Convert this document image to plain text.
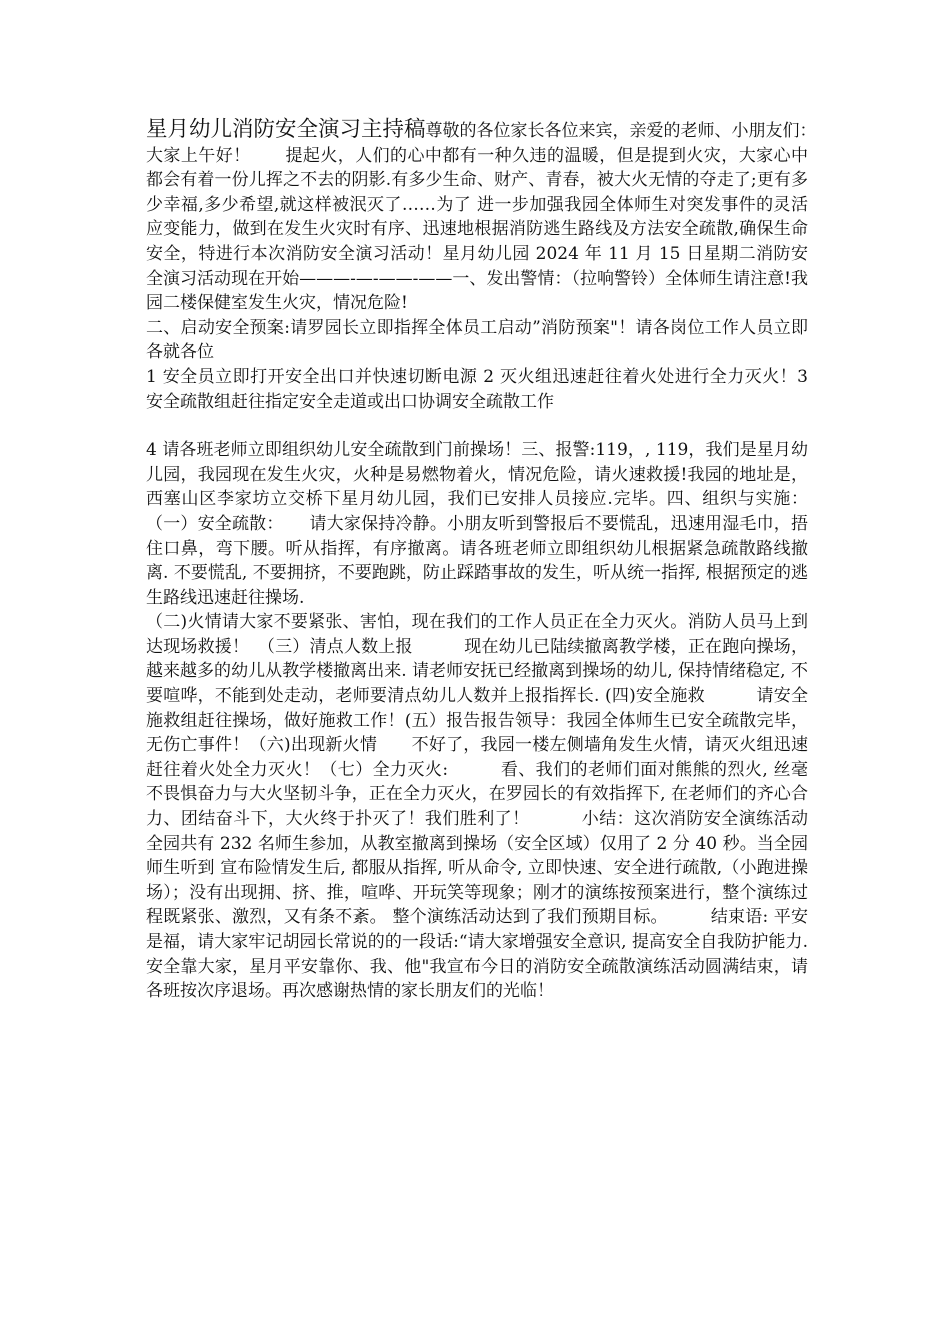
星月幼儿消防安全演习主持稿尊敬的各位家长各位来宾，亲爱的老师、小朋友们：　　　大家上午好！　　提起火，人们的心中都有一种久违的温暖，但是提到火灾，大家心中都会有着一份儿挥之不去的阴影.有多少生命、财产、青春，被大火无情的夺走了;更有多少幸福,多少希望,就这样被泯灭了……为了 进一步加强我园全体师生对突发事件的灵活应变能力，做到在发生火灾时有序、迅速地根据消防逃生路线及方法安全疏散,确保生命安全，特进行本次消防安全演习活动！星月幼儿园 2024 年 11 月 15 日星期二消防安全演习活动现在开始———-—-——-——一、发出警情：（拉响警铃）全体师生请注意!我园二楼保健室发生火灾，情况危险!

二、启动安全预案:请罗园长立即指挥全体员工启动”消防预案"！请各岗位工作人员立即各就各位

1 安全员立即打开安全出口并快速切断电源 2 灭火组迅速赶往着火处进行全力灭火！3 安全疏散组赶往指定安全走道或出口协调安全疏散工作

4 请各班老师立即组织幼儿安全疏散到门前操场！三、报警:119，, 119，我们是星月幼儿园，我园现在发生火灾，火种是易燃物着火，情况危险，请火速救援!我园的地址是，西塞山区李家坊立交桥下星月幼儿园，我们已安排人员接应.完毕。四、组织与实施：（一）安全疏散：　　请大家保持冷静。小朋友听到警报后不要慌乱，迅速用湿毛巾，捂住口鼻，弯下腰。听从指挥，有序撤离。请各班老师立即组织幼儿根据紧急疏散路线撤离. 不要慌乱, 不要拥挤，不要跑跳，防止踩踏事故的发生，听从统一指挥, 根据预定的逃生路线迅速赶往操场.

（二)火情请大家不要紧张、害怕，现在我们的工作人员正在全力灭火。消防人员马上到达现场救援！　（三）清点人数上报　　　现在幼儿已陆续撤离教学楼，正在跑向操场，越来越多的幼儿从教学楼撤离出来. 请老师安抚已经撤离到操场的幼儿, 保持情绪稳定, 不要喧哗，不能到处走动，老师要清点幼儿人数并上报指挥长. (四)安全施救　　　请安全施救组赶往操场，做好施救工作！(五）报告报告领导：我园全体师生已安全疏散完毕，无伤亡事件！（六)出现新火情　　不好了，我园一楼左侧墙角发生火情，请灭火组迅速赶往着火处全力灭火！（七）全力灭火:　　　看、我们的老师们面对熊熊的烈火, 丝毫不畏惧奋力与大火坚韧斗争，正在全力灭火，在罗园长的有效指挥下, 在老师们的齐心合力、团结奋斗下，大火终于扑灭了！我们胜利了！　　　小结：这次消防安全演练活动全园共有 232 名师生参加，从教室撤离到操场（安全区域）仅用了 2 分 40 秒。当全园师生听到 宣布险情发生后, 都服从指挥, 听从命令, 立即快速、安全进行疏散,（小跑进操场）；没有出现拥、挤、推，喧哗、开玩笑等现象；刚才的演练按预案进行，整个演练过程既紧张、激烈，又有条不紊。 整个演练活动达到了我们预期目标。　　　结束语: 平安是福，请大家牢记胡园长常说的的一段话:“请大家增强安全意识, 提高安全自我防护能力. 安全靠大家，星月平安靠你、我、他"我宣布今日的消防安全疏散演练活动圆满结束，请各班按次序退场。再次感谢热情的家长朋友们的光临！
